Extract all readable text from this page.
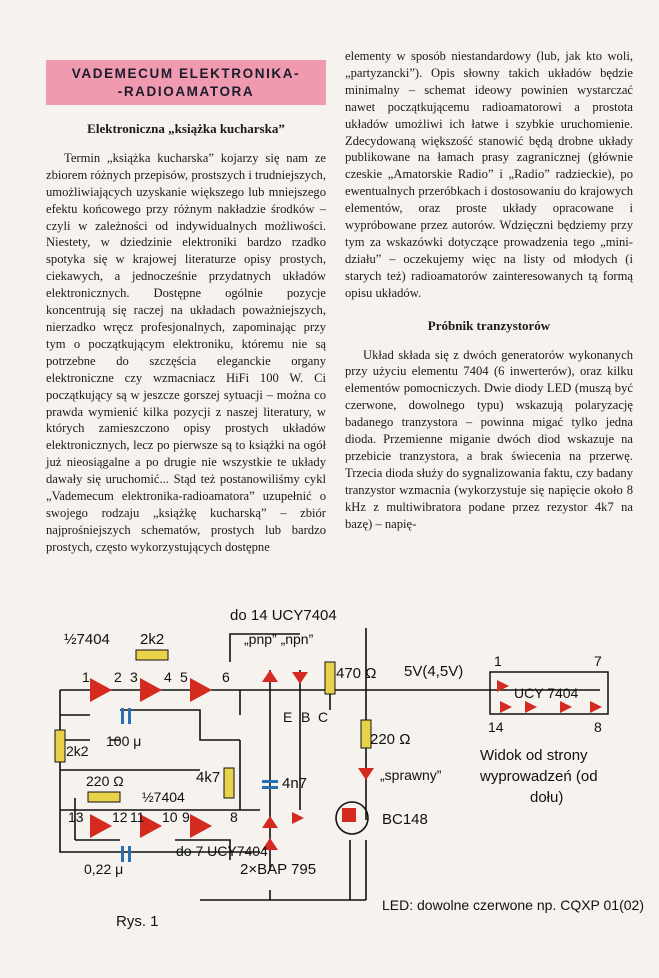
VADEMECUM ELEKTRONIKA-
-RADIOAMATORA

Elektroniczna „książka kucharska”

Termin „książka kucharska” kojarzy się nam ze zbiorem różnych przepisów, prostszych i trudniejszych, umożliwiających uzyskanie większego lub mniejszego efektu końcowego przy różnym nakładzie środków – czyli w zależności od indywidualnych możliwości. Niestety, w dziedzinie elektroniki bardzo rzadko spotyka się w krajowej literaturze opisy prostych, ciekawych, a jednocześnie przydatnych układów elektronicznych. Dostępne ogólnie pozycje koncentrują się raczej na układach poważniejszych, nierzadko wręcz profesjonalnych, zapominając przy tym o początkującym elektroniku, któremu nie są potrzebne do szczęścia eleganckie organy elektroniczne czy wzmacniacz HiFi 100 W. Ci początkujący są w jeszcze gorszej sytuacji – można co prawda wymienić kilka pozycji z naszej literatury, w których zamieszczono opisy prostych układów elektronicznych, lecz po pierwsze są to książki na ogół już nieosiągalne a po drugie nie wszystkie te układy dawały się uruchomić... Stąd też postanowiliśmy cykl „Vademecum elektronika-radioamatora” uzupełnić o swojego rodzaju „książkę kucharską” – zbiór najprośniejszych schematów, prostych lub bardzo prostych, często wykorzystujących dostępne

elementy w sposób niestandardowy (lub, jak kto woli, „partyzancki”). Opis słowny takich układów będzie minimalny – schemat ideowy powinien wystarczać nawet początkującemu radioamatorowi a prostota układów umożliwi ich łatwe i szybkie uruchomienie. Zdecydowaną większość stanowić będą drobne układy publikowane na łamach prasy zagranicznej (głównie czeskie „Amatorskie Radio” i „Radio” radzieckie), po ewentualnych przeróbkach i dostosowaniu do krajowych elementów, oraz proste układy opracowane i wypróbowane przez autorów. Wdzięczni będziemy przy tym za wskazówki dotyczące prowadzenia tego „mini-działu” – oczekujemy więc na listy od młodych (i starych też) radioamatorów zainteresowanych tą formą opisu układów.

Próbnik tranzystorów

Układ składa się z dwóch generatorów wykonanych przy użyciu elementu 7404 (6 inwerterów), oraz kilku elementów pomocniczych. Dwie diody LED (muszą być czerwone, dowolnego typu) wskazują polaryzację badanego tranzystora – powinna migać tylko jedna dioda. Przemienne miganie dwóch diod wskazuje na przebicie tranzystora, a brak świecenia na przerwę. Trzecia dioda służy do sygnalizowania faktu, czy badany tranzystor wzmacnia (wykorzystuje się napięcie około 8 kHz z multiwibratora podane przez rezystor 4k7 na bazę) – napię-

do 14 UCY7404
½7404 2k2	„pnp” „npn”
470 Ω 5V(4,5V)
1 2 3 4 5 6
E B C
100 μ
2k2
220 Ω
4k7	4n7
220 Ω
½7404
„sprawny”
BC148
13 12 11 10 9	8
do 7 UCY7404
0,22 μ	2×BAP 795
1	7
UCY 7404
14	8
Widok od strony wyprowadzeń (od dołu)
Rys. 1
LED: dowolne czerwone np. CQXP 01(02)
